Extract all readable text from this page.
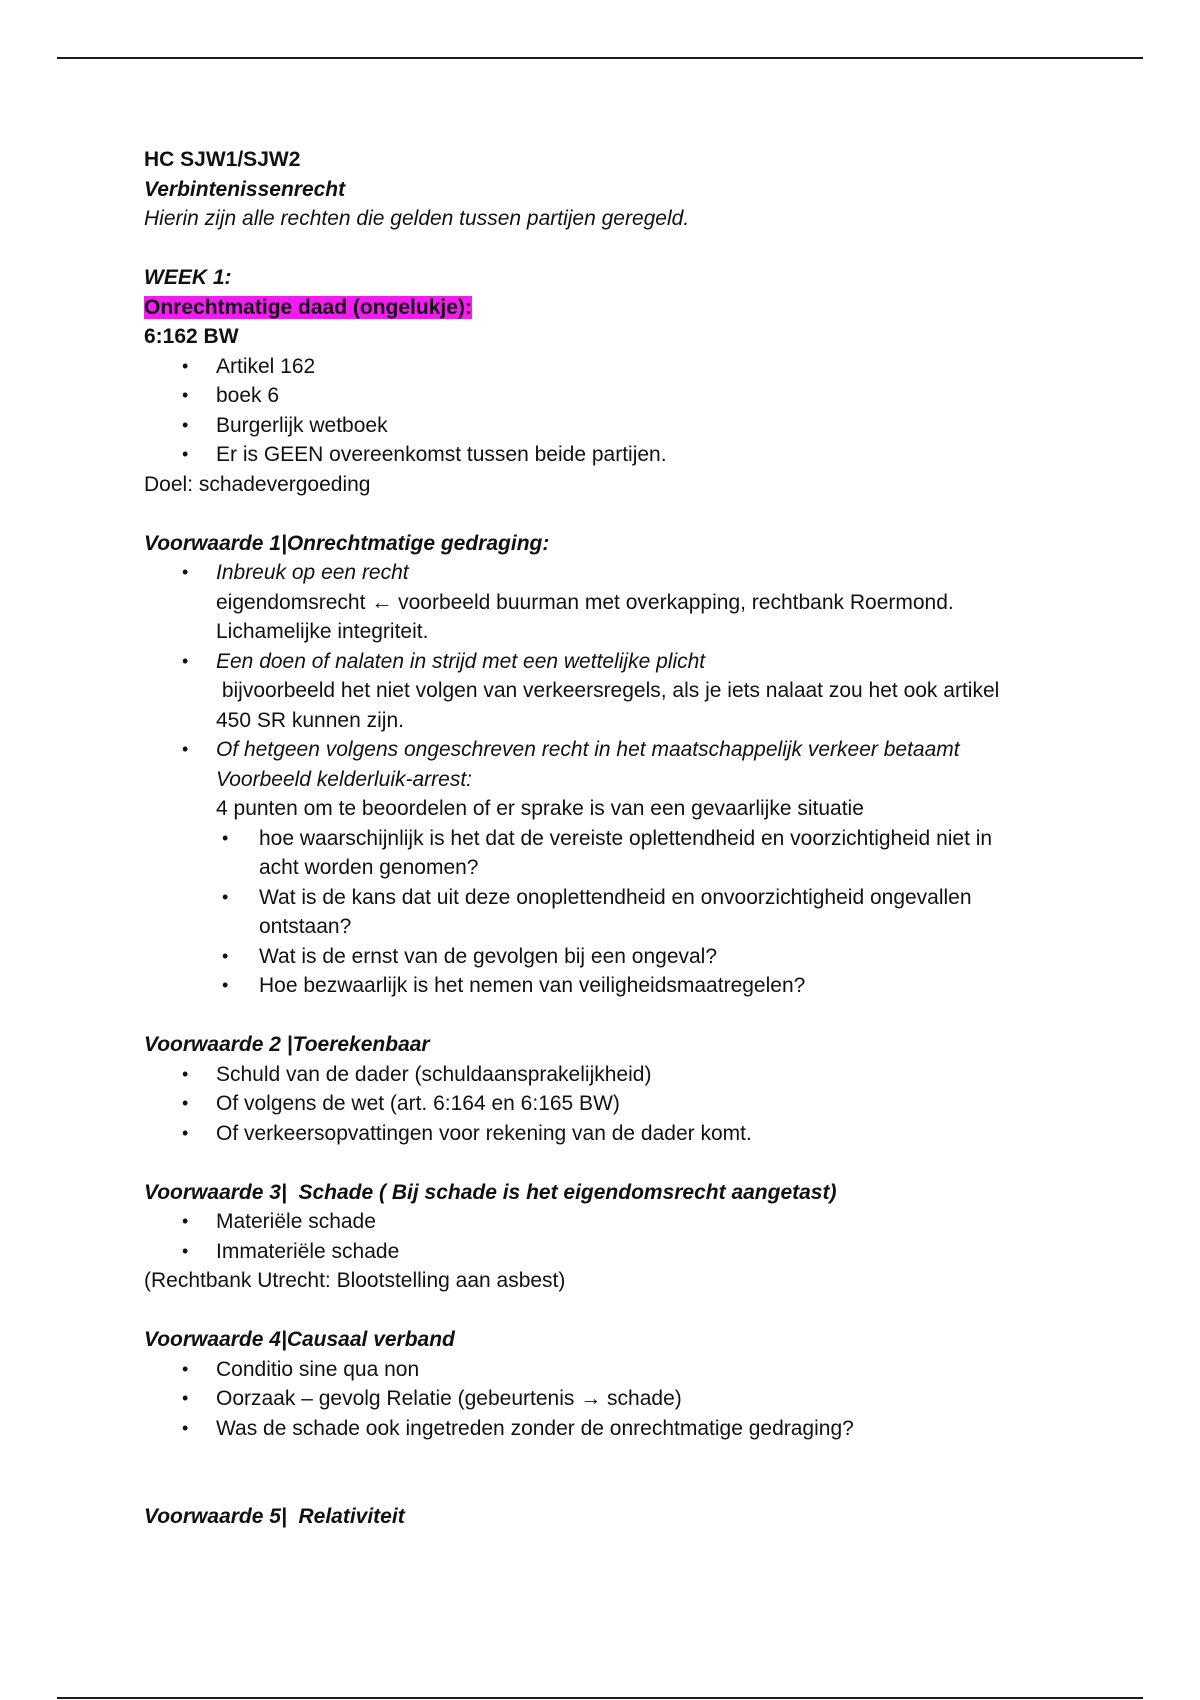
HC SJW1/SJW2
Verbintenissenrecht
Hierin zijn alle rechten die gelden tussen partijen geregeld.
WEEK 1:
Onrechtmatige daad (ongelukje):
6:162 BW
• Artikel 162
• boek 6
• Burgerlijk wetboek
• Er is GEEN overeenkomst tussen beide partijen.
Doel: schadevergoeding
Voorwaarde 1|Onrechtmatige gedraging:
• Inbreuk op een recht
eigendomsrecht ← voorbeeld buurman met overkapping, rechtbank Roermond.
Lichamelijke integriteit.
• Een doen of nalaten in strijd met een wettelijke plicht
bijvoorbeeld het niet volgen van verkeersregels, als je iets nalaat zou het ook artikel
450 SR kunnen zijn.
• Of hetgeen volgens ongeschreven recht in het maatschappelijk verkeer betaamt
Voorbeeld kelderluik-arrest:
4 punten om te beoordelen of er sprake is van een gevaarlijke situatie
• hoe waarschijnlijk is het dat de vereiste oplettendheid en voorzichtigheid niet in
acht worden genomen?
• Wat is de kans dat uit deze onoplettendheid en onvoorzichtigheid ongevallen
ontstaan?
• Wat is de ernst van de gevolgen bij een ongeval?
• Hoe bezwaarlijk is het nemen van veiligheidsmaatregelen?
Voorwaarde 2 |Toerekenbaar
• Schuld van de dader (schuldaansprakelijkheid)
• Of volgens de wet (art. 6:164 en 6:165 BW)
• Of verkeersopvattingen voor rekening van de dader komt.
Voorwaarde 3|  Schade ( Bij schade is het eigendomsrecht aangetast)
• Materiële schade
• Immateriële schade
(Rechtbank Utrecht: Blootstelling aan asbest)
Voorwaarde 4|Causaal verband
• Conditio sine qua non
• Oorzaak – gevolg Relatie (gebeurtenis → schade)
• Was de schade ook ingetreden zonder de onrechtmatige gedraging?
Voorwaarde 5|  Relativiteit
